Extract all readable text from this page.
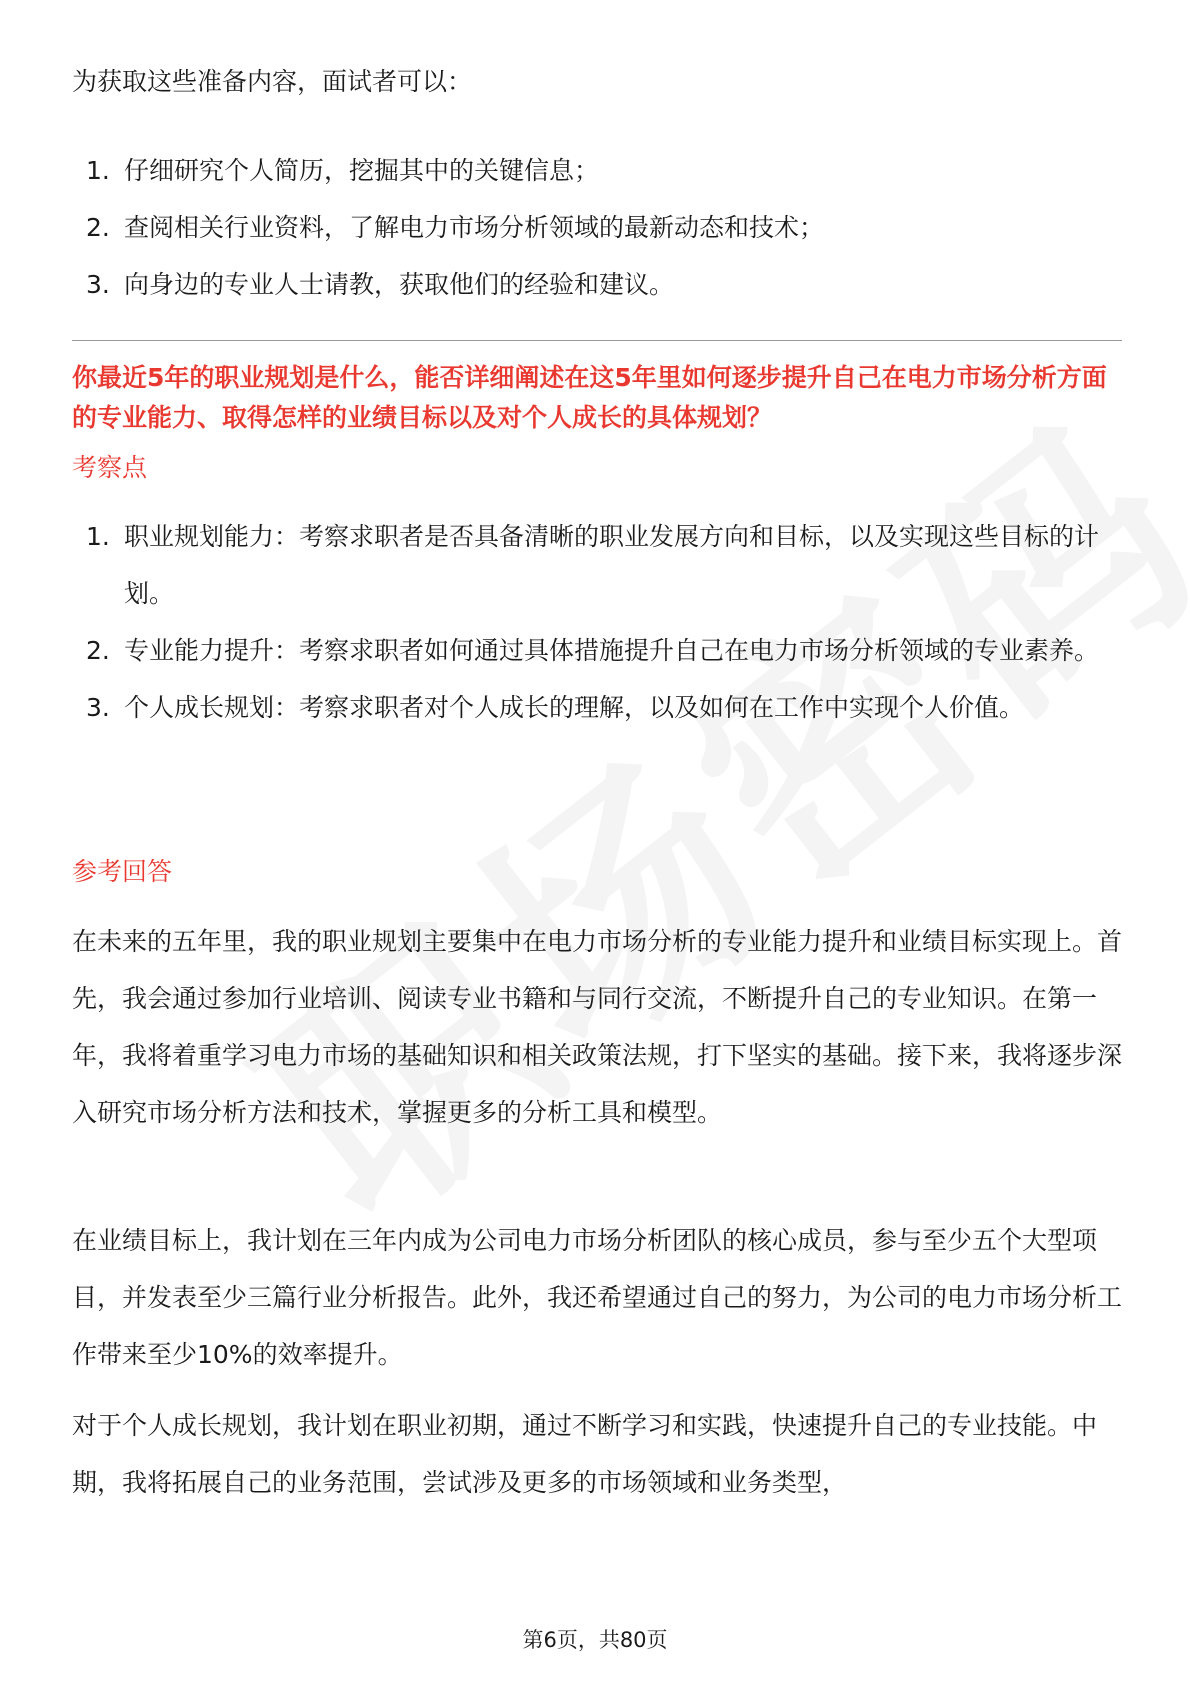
为获取这些准备内容，面试者可以：

1. 仔细研究个人简历，挖掘其中的关键信息；
2. 查阅相关行业资料，了解电力市场分析领域的最新动态和技术；
3. 向身边的专业人士请教，获取他们的经验和建议。

你最近5年的职业规划是什么，能否详细阐述在这5年里如何逐步提升自己在电力市场分析方面的专业能力、取得怎样的业绩目标以及对个人成长的具体规划？

考察点

1. 职业规划能力：考察求职者是否具备清晰的职业发展方向和目标，以及实现这些目标的计划。
2. 专业能力提升：考察求职者如何通过具体措施提升自己在电力市场分析领域的专业素养。
3. 个人成长规划：考察求职者对个人成长的理解，以及如何在工作中实现个人价值。

参考回答

在未来的五年里，我的职业规划主要集中在电力市场分析的专业能力提升和业绩目标实现上。首先，我会通过参加行业培训、阅读专业书籍和与同行交流，不断提升自己的专业知识。在第一年，我将着重学习电力市场的基础知识和相关政策法规，打下坚实的基础。接下来，我将逐步深入研究市场分析方法和技术，掌握更多的分析工具和模型。

在业绩目标上，我计划在三年内成为公司电力市场分析团队的核心成员，参与至少五个大型项目，并发表至少三篇行业分析报告。此外，我还希望通过自己的努力，为公司的电力市场分析工作带来至少10%的效率提升。

对于个人成长规划，我计划在职业初期，通过不断学习和实践，快速提升自己的专业技能。中期，我将拓展自己的业务范围，尝试涉及更多的市场领域和业务类型，

第6页，共80页
